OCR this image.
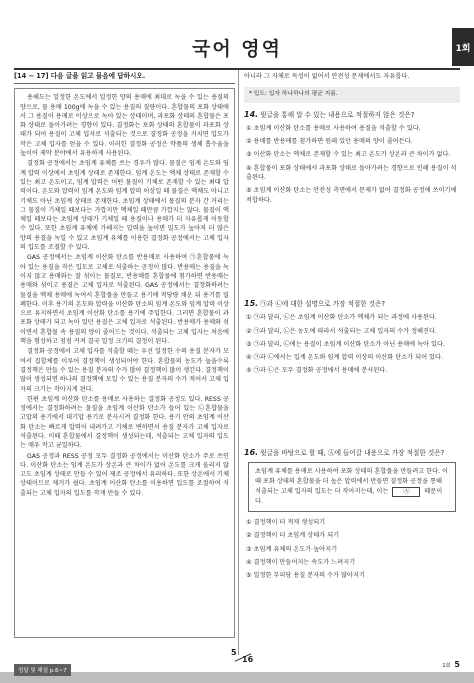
국어 영역	1회
[14 ~ 17] 다음 글을 읽고 물음에 답하시오.

용해도는 일정한 온도에서 일정한 양의 용매에 최대로 녹을 수 있는 용질의 양으로, 물 용매 100g에 녹을 수 있는 용질의 질량이다. 혼합물의 포화 상태에서 그 용질이 용매로 이상으로 녹아 있는 상태이며, 과포화 상태의 혼합물은 포화 상태로 돌아가려는 경향이 있다. 결정화는 포화 상태의 혼합물이 과포화 상태가 되어 용질이 고체 입자로 석출되는 것으로 결정화 공정을 거치면 입도가 작은 고체 입자를 얻을 수 있다. 이러한 결정화 공정은 약품의 생체 흡수율을 높이어 제약 분야에서 유용하게 사용된다.

결정화 공정에서는 초임계 유체를 쓰는 경우가 많다. 물질은 임계 온도와 임계 압력 이상에서 초임계 상태로 존재한다. 임계 온도는 액체 상태로 존재할 수 있는 최고 온도이고, 임계 압력은 어떤 물질이 기체로 존재할 수 있는 최대 압력이다. 온도와 압력이 임계 온도와 임계 압력 이상일 때 물질은 액체도 아니고 기체도 아닌 초임계 상태로 존재한다. 초임계 상태에서 물질의 분자 간 거리는 그 물질이 기체일 때보다는 가깝지만 액체일 때만큼 가깝지는 않다. 물질이 액체일 때보다는 초임계 상태가 기체일 때 용질이나 용매가 더 자유롭게 이동할 수 있다. 또한 초임계 유체에 가해지는 압력을 높이면 밀도가 높아져 더 많은 양의 용질을 녹일 수 있고 초임계 유체를 이용한 결정화 공정에서는 고체 입자의 입도를 조절할 수 있다.

GAS 공정에서는 초임계 이산화 탄소를 반용매로 사용하여 ㉠혼합물에 녹아 있는 용질을 작은 입도로 고체로 석출하는 공정이 많다. 반용매는 용질을 녹이지 않고 용매와는 잘 섞이는 물질로, 반용매를 혼합물에 첨가하면 반용매는 용매와 섞이고 용질은 고체 입자로 석출된다. GAS 공정에서는 결정화하려는 물질을 액체 용매에 녹여서 혼합물을 만들고 용기에 적당량 채운 뒤 용기를 밀폐한다. 이후 용기의 온도와 압력을 이산화 탄소의 임계 온도와 임계 압력 이상으로 유지하면서 초임계 이산화 탄소를 용기에 주입한다. 그러면 혼합물이 과포화 상태가 되고 녹아 있던 용질은 고체 입자로 석출된다. 반용매가 용매와 섞이면서 혼합물 속 용질의 양이 줄어드는 것이다. 석출되는 고체 입자는 처음에 핵을 형성하고 점점 커져 결국 일정 크기의 결정이 된다.

결정화 공정에서 고체 입자를 석출할 때는 우선 일정한 수의 용질 분자가 모여서 집합체를 이루어 결정핵이 생성되어야 한다. 혼합물의 농도가 높을수록 결정핵은 만들 수 있는 용질 분자의 수가 많아 결정핵이 많이 생긴다. 결정핵이 많이 생성되면 하나의 결정핵에 모일 수 있는 용질 분자의 수가 적어서 고체 입자의 크기는 작아지게 된다.

한편 초임계 이산화 탄소를 용매로 사용하는 결정화 공정도 있다. RESS 공정에서는 결정화하려는 물질을 초임계 이산화 탄소가 들어 있는 ㉡혼합물을 고압의 용기에서 대기압 용기로 분사시켜 결정화 한다. 용기 안의 초임계 이산화 탄소는 빠르게 압력이 내려가고 기체로 변하면서 용질 분자가 고체 입자로 석출된다. 이때 혼합물에서 결정핵이 생성되는데, 석출되는 고체 입자의 입도는 매우 작고 균일하다.

GAS 공정과 RESS 공정 모두 결정화 공정에서는 이산화 탄소가 주로 쓰인다. 이산화 탄소는 임계 온도가 상온과 큰 차이가 없어 온도를 크게 올리지 않고도 초임계 상태로 만들 수 있어 제조 공정에서 유리하다. 또한 상온에서 기체 상태이므로 제거가 쉽다. 초임계 이산화 탄소를 이용하면 입도를 조절하여 석출되는 고체 입자의 입도를 작게 만들 수 있다.

아니라 그 자체로 독성이 없어서 안전성 문제에서도 자유롭다.

* 입도: 입자 하나하나의 평균 지름.
14. 윗글을 통해 알 수 있는 내용으로 적절하지 않은 것은?
① 초임계 이산화 탄소를 용매로 사용하여 용질을 석출할 수 있다.
② 용매를 반용매를 첨가하면 원래 있던 용매의 양이 줄어든다.
③ 이산화 탄소는 액체로 존재할 수 있는 최고 온도가 상온과 큰 차이가 없다.
④ 혼합물이 포화 상태에서 과포화 상태로 돌아가려는 경향으로 인해 용질이 석출된다.
⑤ 초임계 이산화 탄소는 안전성 측면에서 문제가 없어 결정화 공정에 쓰이기에 적합하다.
15. ㉠과 ㉡에 대한 설명으로 가장 적절한 것은?
① ㉠과 달리, ㉡은 초임계 이산화 탄소가 액체가 되는 과정에 사용된다.
② ㉠과 달리, ㉡은 농도에 따라서 석출되는 고체 입자의 수가 정해진다.
③ ㉠과 달리, ㉡에는 용질이 초임계 이산화 탄소가 아닌 용매에 녹아 있다.
④ ㉠과 ㉡에서는 입계 온도와 임계 압력 이상의 이산화 탄소가 되어 있다.
⑤ ㉠과 ㉡은 모두 결정화 공정에서 용매에 분사된다.
16. 윗글을 바탕으로 할 때, Ⓐ에 들어갈 내용으로 가장 적절한 것은?
초임계 유체를 용매로 사용하여 포화 상태의 혼합물을 만들려고 한다. 이때 포화 상태의 혼합물을 더 높은 압력에서 만들면 결정화 공정을 통해 석출되는 고체 입자의 입도는 더 작아지는데, 이는 Ⓐ 때문이다.
① 결정핵이 더 적게 생성되기
② 결정핵이 더 초임계 상태가 되기
③ 초임계 유체의 온도가 높아지기
④ 결정핵이 만들어지는 속도가 느려지기
⑤ 일정한 부피당 용질 분자의 수가 많아지기
5
16
정답 및 해설 p.6~7
1회 5
